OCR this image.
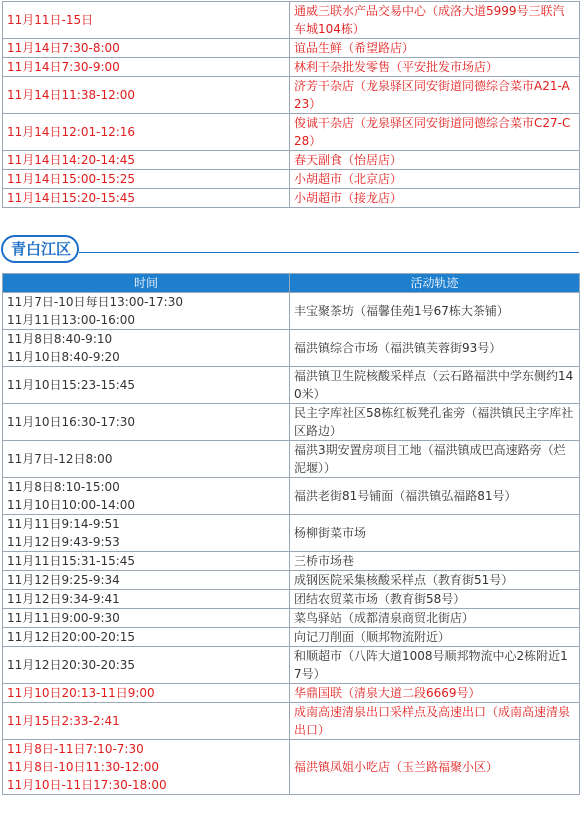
11月11日-15日	通威三联水产品交易中心（成洛大道5999号三联汽车城104栋）

11月14日7:30-8:00	谊品生鲜（希望路店）

11月14日7:30-9:00	林利干杂批发零售（平安批发市场店）

11月14日11:38-12:00	济芳干杂店（龙泉驿区同安街道同德综合菜市A21-A23）

11月14日12:01-12:16	俊诚干杂店（龙泉驿区同安街道同德综合菜市C27-C28）

11月14日14:20-14:45	春天副食（怡居店）

11月14日15:00-15:25	小胡超市（北京店）

11月14日15:20-15:45	小胡超市（接龙店）
青白江区
时间	活动轨迹

11月7日-10日每日13:00-17:30
11月11日13:00-16:00	丰宝聚茶坊（福馨佳苑1号67栋大茶铺）

11月8日8:40-9:10
11月10日8:40-9:20	福洪镇综合市场（福洪镇芙蓉街93号）

11月10日15:23-15:45	福洪镇卫生院核酸采样点（云石路福洪中学东侧约140米）

11月10日16:30-17:30	民主字库社区58栋红板凳孔雀旁（福洪镇民主字库社区路边）

11月7日-12日8:00	福洪3期安置房项目工地（福洪镇成巴高速路旁（烂泥堰））

11月8日8:10-15:00
11月10日10:00-14:00	福洪老街81号铺面（福洪镇弘福路81号）

11月11日9:14-9:51
11月12日9:43-9:53	杨柳街菜市场

11月11日15:31-15:45	三桥市场巷

11月12日9:25-9:34	成钢医院采集核酸采样点（教育街51号）

11月12日9:34-9:41	团结农贸菜市场（教育街58号）

11月11日9:00-9:30	菜鸟驿站（成都清泉商贸北街店）

11月12日20:00-20:15	向记刀削面（顺邦物流附近）

11月12日20:30-20:35	和顺超市（八阵大道1008号顺邦物流中心2栋附近17号）

11月10日20:13-11日9:00	华鼎国联（清泉大道二段6669号）

11月15日2:33-2:41	成南高速清泉出口采样点及高速出口（成南高速清泉出口）

11月8日-11日7:10-7:30
11月8日-10日11:30-12:00
11月10日-11日17:30-18:00	福洪镇凤姐小吃店（玉兰路福聚小区）
